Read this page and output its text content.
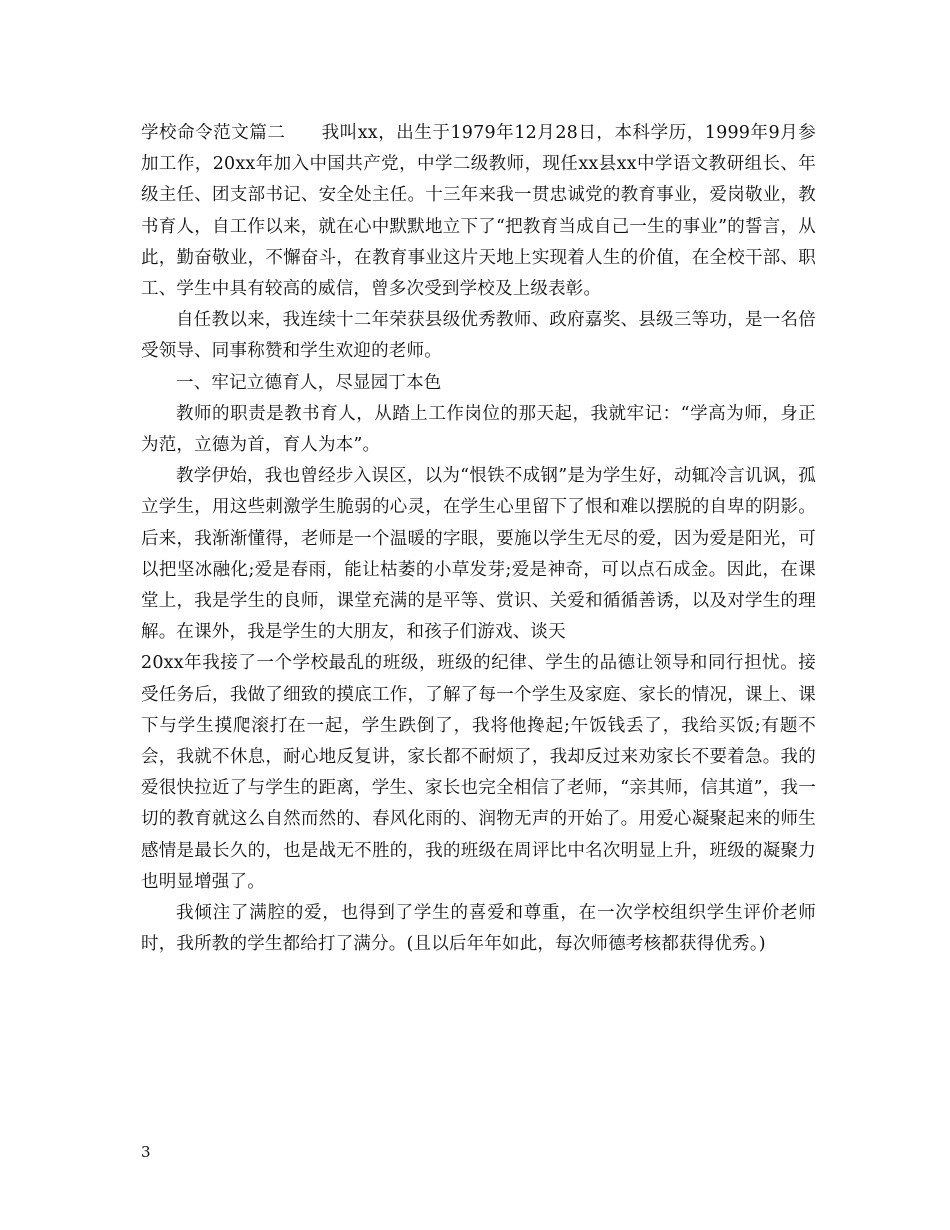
学校命令范文篇二　　我叫xx，出生于1979年12月28日，本科学历，1999年9月参加工作，20xx年加入中国共产党，中学二级教师，现任xx县xx中学语文教研组长、年级主任、团支部书记、安全处主任。十三年来我一贯忠诚党的教育事业，爱岗敬业，教书育人，自工作以来，就在心中默默地立下了“把教育当成自己一生的事业”的誓言，从此，勤奋敬业，不懈奋斗，在教育事业这片天地上实现着人生的价值，在全校干部、职工、学生中具有较高的威信，曾多次受到学校及上级表彰。

自任教以来，我连续十二年荣获县级优秀教师、政府嘉奖、县级三等功，是一名倍受领导、同事称赞和学生欢迎的老师。

一、牢记立德育人，尽显园丁本色

教师的职责是教书育人，从踏上工作岗位的那天起，我就牢记：“学高为师，身正为范，立德为首，育人为本”。

教学伊始，我也曾经步入误区，以为“恨铁不成钢”是为学生好，动辄冷言讥讽，孤立学生，用这些刺激学生脆弱的心灵，在学生心里留下了恨和难以摆脱的自卑的阴影。后来，我渐渐懂得，老师是一个温暖的字眼，要施以学生无尽的爱，因为爱是阳光，可以把坚冰融化;爱是春雨，能让枯萎的小草发芽;爱是神奇，可以点石成金。因此，在课堂上，我是学生的良师，课堂充满的是平等、赏识、关爱和循循善诱，以及对学生的理解。在课外，我是学生的大朋友，和孩子们游戏、谈天

20xx年我接了一个学校最乱的班级，班级的纪律、学生的品德让领导和同行担忧。接受任务后，我做了细致的摸底工作，了解了每一个学生及家庭、家长的情况，课上、课下与学生摸爬滚打在一起，学生跌倒了，我将他搀起;午饭钱丢了，我给买饭;有题不会，我就不休息，耐心地反复讲，家长都不耐烦了，我却反过来劝家长不要着急。我的爱很快拉近了与学生的距离，学生、家长也完全相信了老师，“亲其师，信其道”，我一切的教育就这么自然而然的、春风化雨的、润物无声的开始了。用爱心凝聚起来的师生感情是最长久的，也是战无不胜的，我的班级在周评比中名次明显上升，班级的凝聚力也明显增强了。

我倾注了满腔的爱，也得到了学生的喜爱和尊重，在一次学校组织学生评价老师时，我所教的学生都给打了满分。(且以后年年如此，每次师德考核都获得优秀。)

3
